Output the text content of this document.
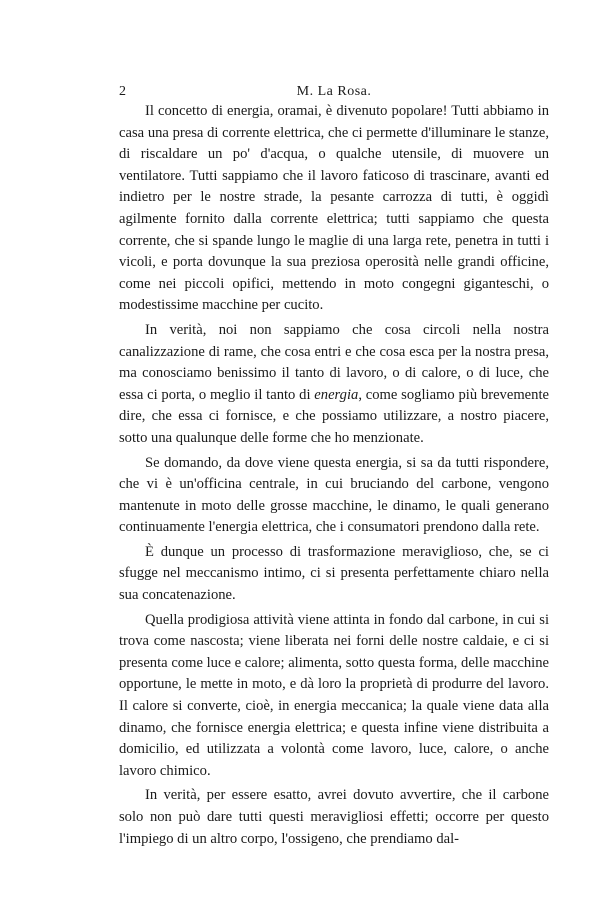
2	M. La Rosa.

Il concetto di energia, oramai, è divenuto popolare! Tutti abbiamo in casa una presa di corrente elettrica, che ci permette d'illuminare le stanze, di riscaldare un po' d'acqua, o qualche utensile, di muovere un ventilatore. Tutti sappiamo che il lavoro faticoso di trascinare, avanti ed indietro per le nostre strade, la pesante carrozza di tutti, è oggidì agilmente fornito dalla corrente elettrica; tutti sappiamo che questa corrente, che si spande lungo le maglie di una larga rete, penetra in tutti i vicoli, e porta dovunque la sua preziosa operosità nelle grandi officine, come nei piccoli opifici, mettendo in moto congegni giganteschi, o modestissime macchine per cucito.

In verità, noi non sappiamo che cosa circoli nella nostra canalizzazione di rame, che cosa entri e che cosa esca per la nostra presa, ma conosciamo benissimo il tanto di lavoro, o di calore, o di luce, che essa ci porta, o meglio il tanto di energia, come sogliamo più brevemente dire, che essa ci fornisce, e che possiamo utilizzare, a nostro piacere, sotto una qualunque delle forme che ho menzionate.

Se domando, da dove viene questa energia, si sa da tutti rispondere, che vi è un'officina centrale, in cui bruciando del carbone, vengono mantenute in moto delle grosse macchine, le dinamo, le quali generano continuamente l'energia elettrica, che i consumatori prendono dalla rete.

È dunque un processo di trasformazione meraviglioso, che, se ci sfugge nel meccanismo intimo, ci si presenta perfettamente chiaro nella sua concatenazione.

Quella prodigiosa attività viene attinta in fondo dal carbone, in cui si trova come nascosta; viene liberata nei forni delle nostre caldaie, e ci si presenta come luce e calore; alimenta, sotto questa forma, delle macchine opportune, le mette in moto, e dà loro la proprietà di produrre del lavoro. Il calore si converte, cioè, in energia meccanica; la quale viene data alla dinamo, che fornisce energia elettrica; e questa infine viene distribuita a domicilio, ed utilizzata a volontà come lavoro, luce, calore, o anche lavoro chimico.

In verità, per essere esatto, avrei dovuto avvertire, che il carbone solo non può dare tutti questi meravigliosi effetti; occorre per questo l'impiego di un altro corpo, l'ossigeno, che prendiamo dal-
